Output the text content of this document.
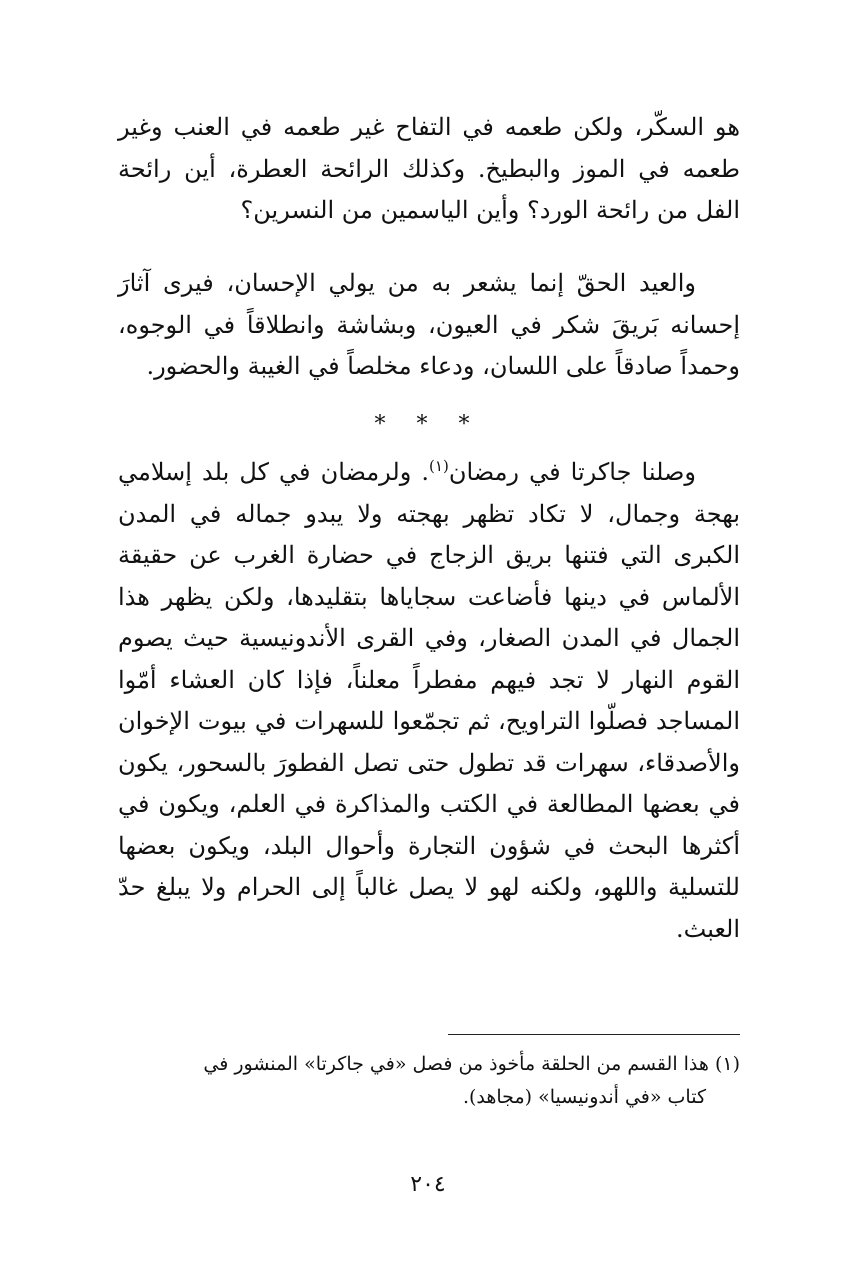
هو السكّر، ولكن طعمه في التفاح غير طعمه في العنب وغير طعمه في الموز والبطيخ. وكذلك الرائحة العطرة، أين رائحة الفل من رائحة الورد؟ وأين الياسمين من النسرين؟

والعيد الحقّ إنما يشعر به من يولي الإحسان، فيرى آثارَ إحسانه بَريقَ شكر في العيون، وبشاشة وانطلاقاً في الوجوه، وحمداً صادقاً على اللسان، ودعاء مخلصاً في الغيبة والحضور.

* * *

وصلنا جاكرتا في رمضان$^{(١)}$. ولرمضان في كل بلد إسلامي بهجة وجمال، لا تكاد تظهر بهجته ولا يبدو جماله في المدن الكبرى التي فتنها بريق الزجاج في حضارة الغرب عن حقيقة الألماس في دينها فأضاعت سجاياها بتقليدها، ولكن يظهر هذا الجمال في المدن الصغار، وفي القرى الأندونيسية حيث يصوم القوم النهار لا تجد فيهم مفطراً معلناً، فإذا كان العشاء أمّوا المساجد فصلّوا التراويح، ثم تجمّعوا للسهرات في بيوت الإخوان والأصدقاء، سهرات قد تطول حتى تصل الفطورَ بالسحور، يكون في بعضها المطالعة في الكتب والمذاكرة في العلم، ويكون في أكثرها البحث في شؤون التجارة وأحوال البلد، ويكون بعضها للتسلية واللهو، ولكنه لهو لا يصل غالباً إلى الحرام ولا يبلغ حدّ العبث.

(١) هذا القسم من الحلقة مأخوذ من فصل «في جاكرتا» المنشور في
كتاب «في أندونيسيا» (مجاهد).
٢٠٤
